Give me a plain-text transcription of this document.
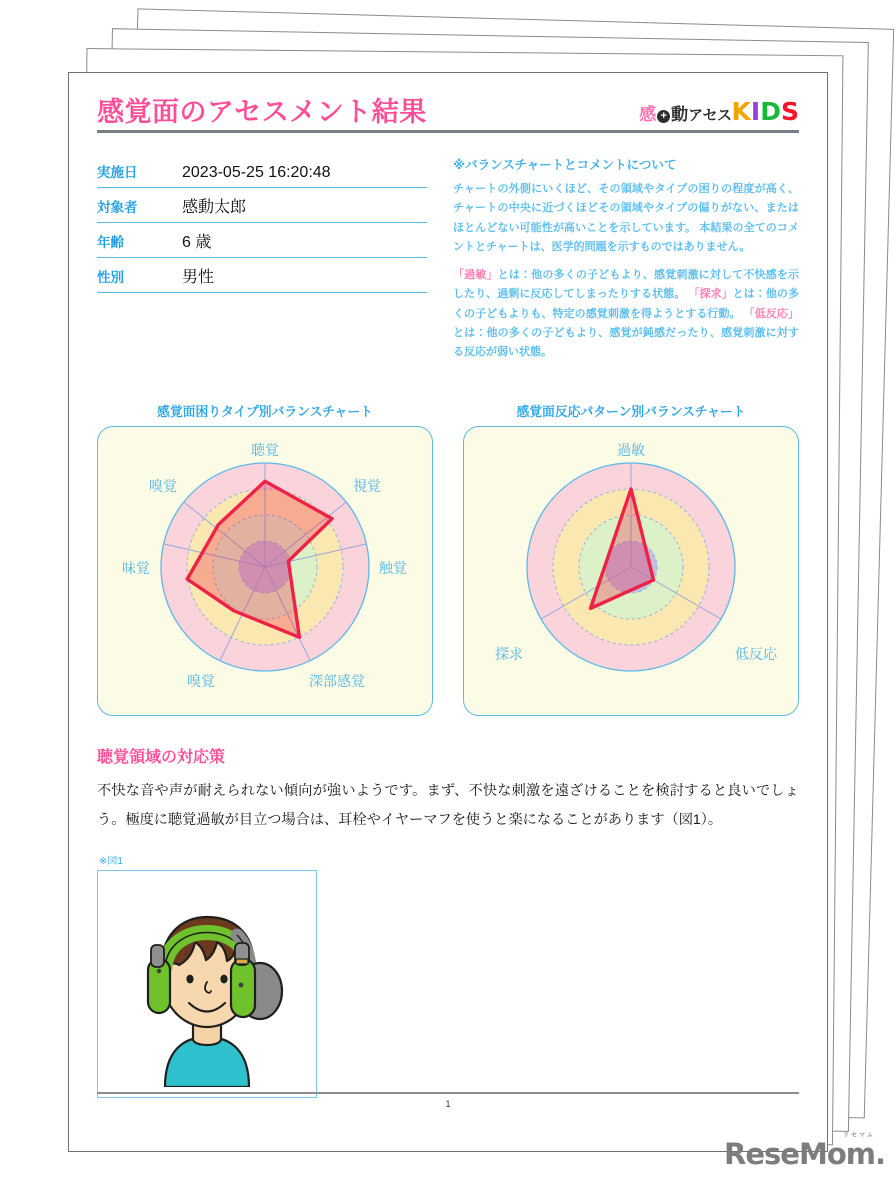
感覚面のアセスメント結果	感 + 動 アセス K I D S
実施日	2023-05-25 16:20:48
対象者	感動太郎
年齢	6 歳
性別	男性
※バランスチャートとコメントについて

チャートの外側にいくほど、その領域やタイプの困りの程度が高く、チャートの中央に近づくほどその領域やタイプの偏りがない、またはほとんどない可能性が高いことを示しています。 本結果の全てのコメントとチャートは、医学的問題を示すものではありません。

「過敏」とは：他の多くの子どもより、感覚刺激に対して不快感を示したり、過剰に反応してしまったりする状態。 「探求」とは：他の多くの子どもよりも、特定の感覚刺激を得ようとする行動。 「低反応」とは：他の多くの子どもより、感覚が鈍感だったり、感覚刺激に対する反応が弱い状態。

感覚面困りタイプ別バランスチャート
聴覚
視覚
触覚
深部感覚
嗅覚
味覚
嗅覚
感覚面反応パターン別バランスチャート
過敏
低反応
探求
聴覚領域の対応策

不快な音や声が耐えられない傾向が強いようです。まず、不快な刺激を遠ざけることを検討すると良いでしょう。極度に聴覚過敏が目立つ場合は、耳栓やイヤーマフを使うと楽になることがあります（図1）。

※図1
1
リセマム
ReseMom.
